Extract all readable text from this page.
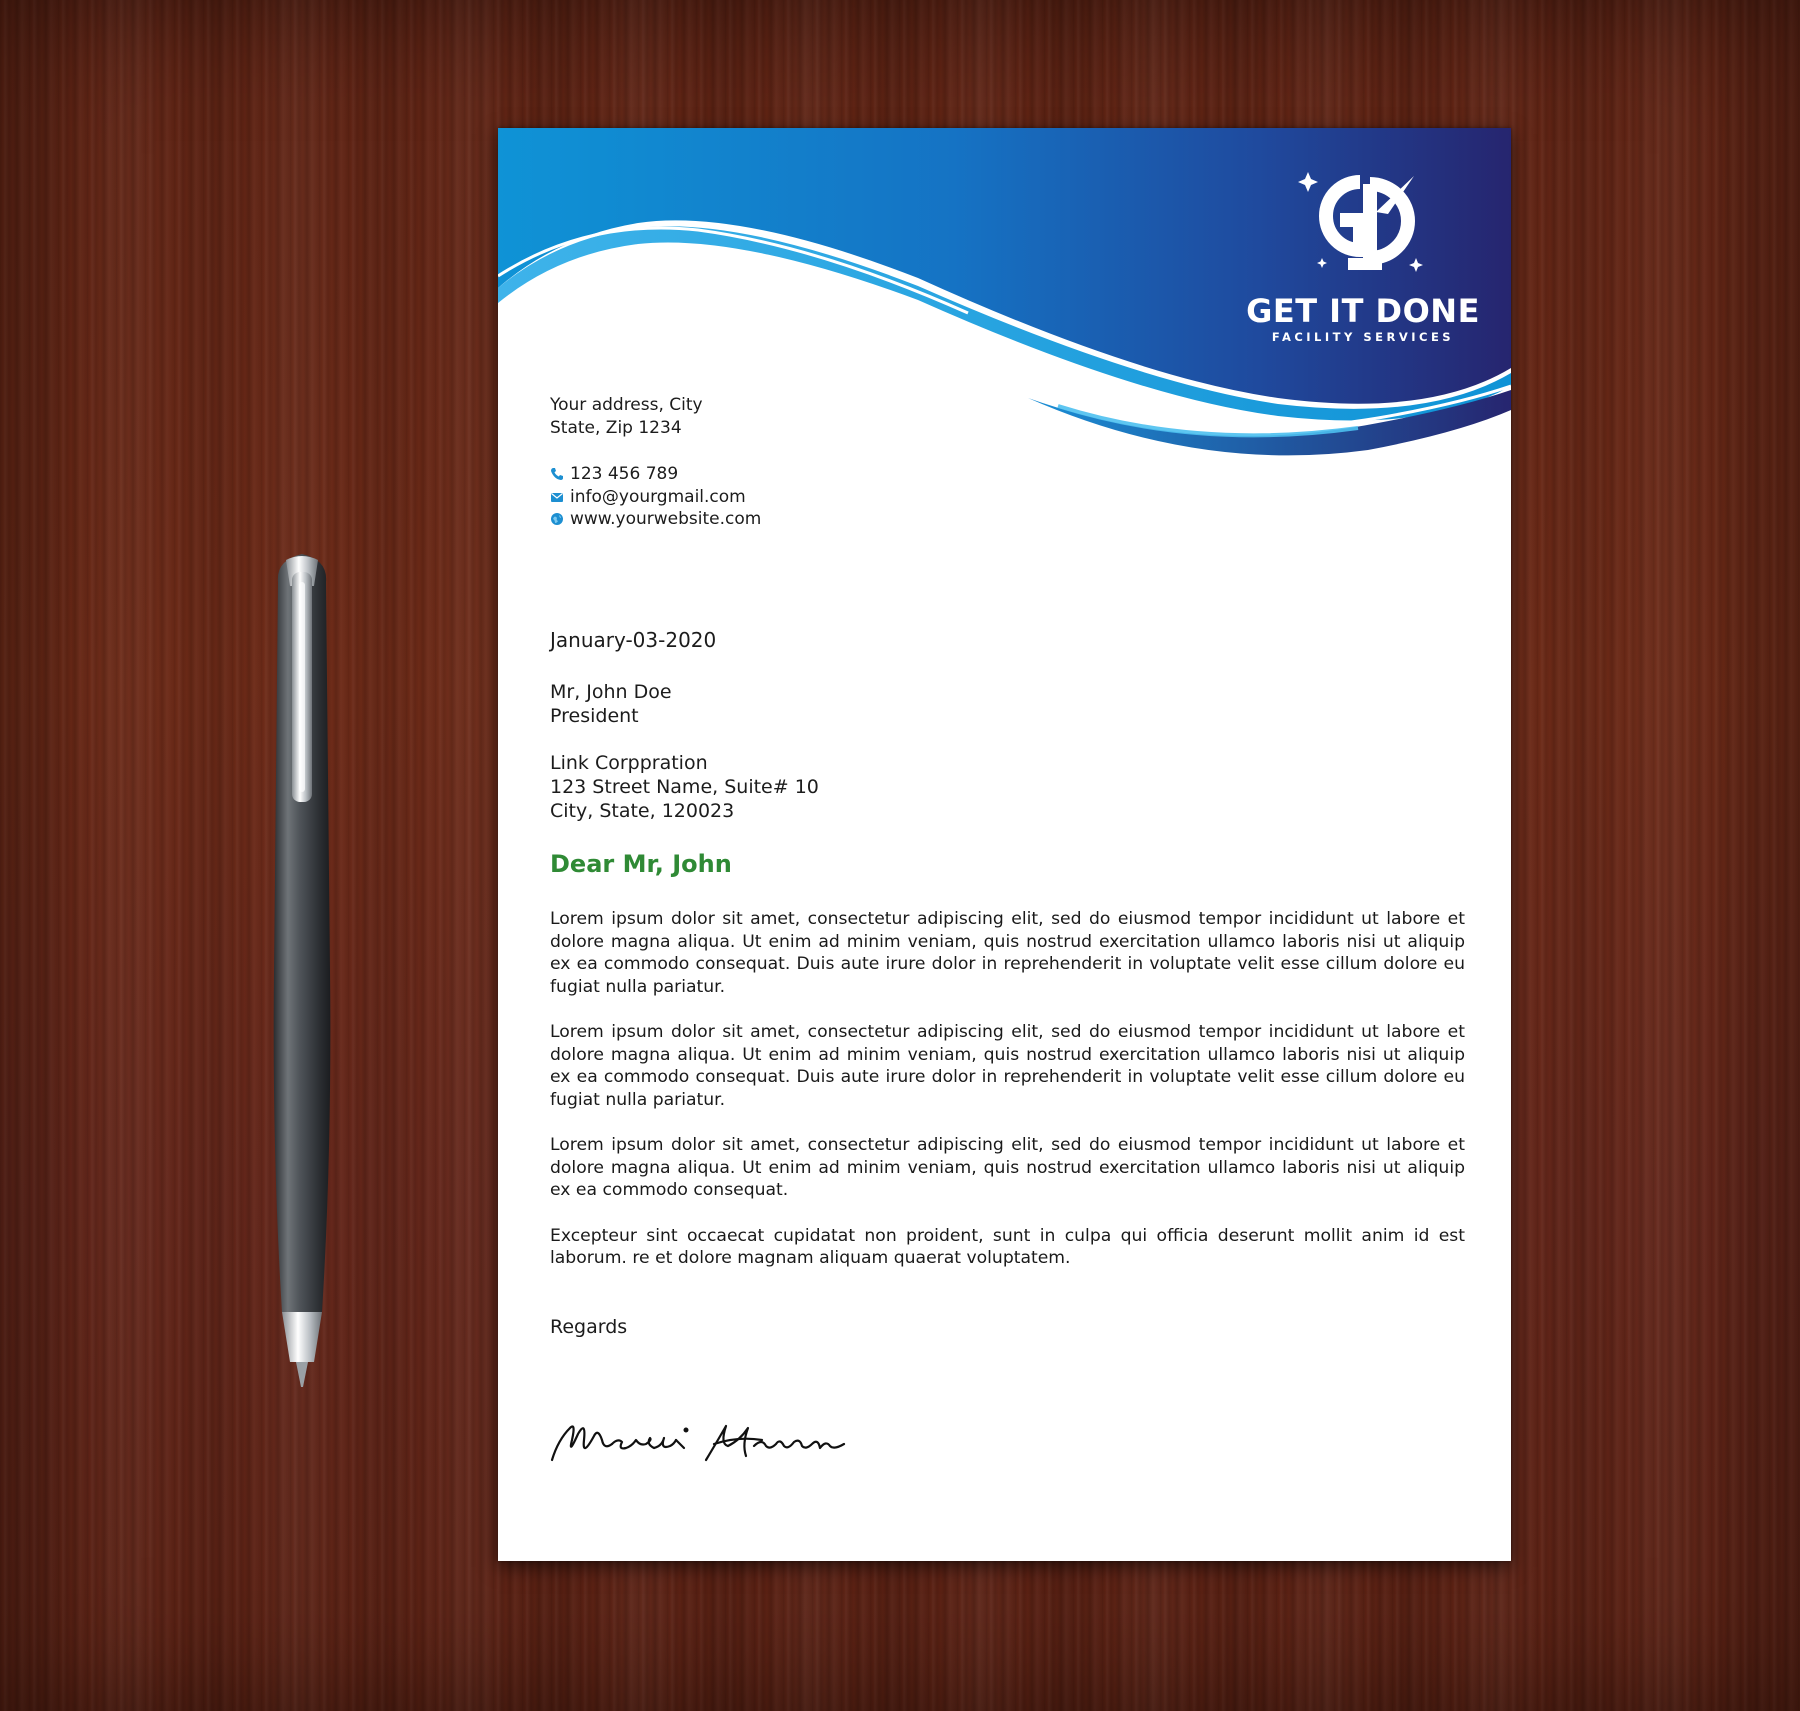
GET IT DONE
FACILITY SERVICES
Your address, City
State, Zip 1234
123 456 789
info@yourgmail.com
www.yourwebsite.com
January-03-2020
Mr, John Doe
President
Link Corppration
123 Street Name, Suite# 10
City, State, 120023
Dear Mr, John

Lorem ipsum dolor sit amet, consectetur adipiscing elit, sed do eiusmod tempor incididunt ut labore et dolore magna aliqua. Ut enim ad minim veniam, quis nostrud exercitation ullamco laboris nisi ut aliquip ex ea commodo consequat. Duis aute irure dolor in reprehenderit in voluptate velit esse cillum dolore eu fugiat nulla pariatur.

Lorem ipsum dolor sit amet, consectetur adipiscing elit, sed do eiusmod tempor incididunt ut labore et dolore magna aliqua. Ut enim ad minim veniam, quis nostrud exercitation ullamco laboris nisi ut aliquip ex ea commodo consequat. Duis aute irure dolor in reprehenderit in voluptate velit esse cillum dolore eu fugiat nulla pariatur.

Lorem ipsum dolor sit amet, consectetur adipiscing elit, sed do eiusmod tempor incididunt ut labore et dolore magna aliqua. Ut enim ad minim veniam, quis nostrud exercitation ullamco laboris nisi ut aliquip ex ea commodo consequat.

Excepteur sint occaecat cupidatat non proident, sunt in culpa qui officia deserunt mollit anim id est laborum. re et dolore magnam aliquam quaerat voluptatem.

Regards
